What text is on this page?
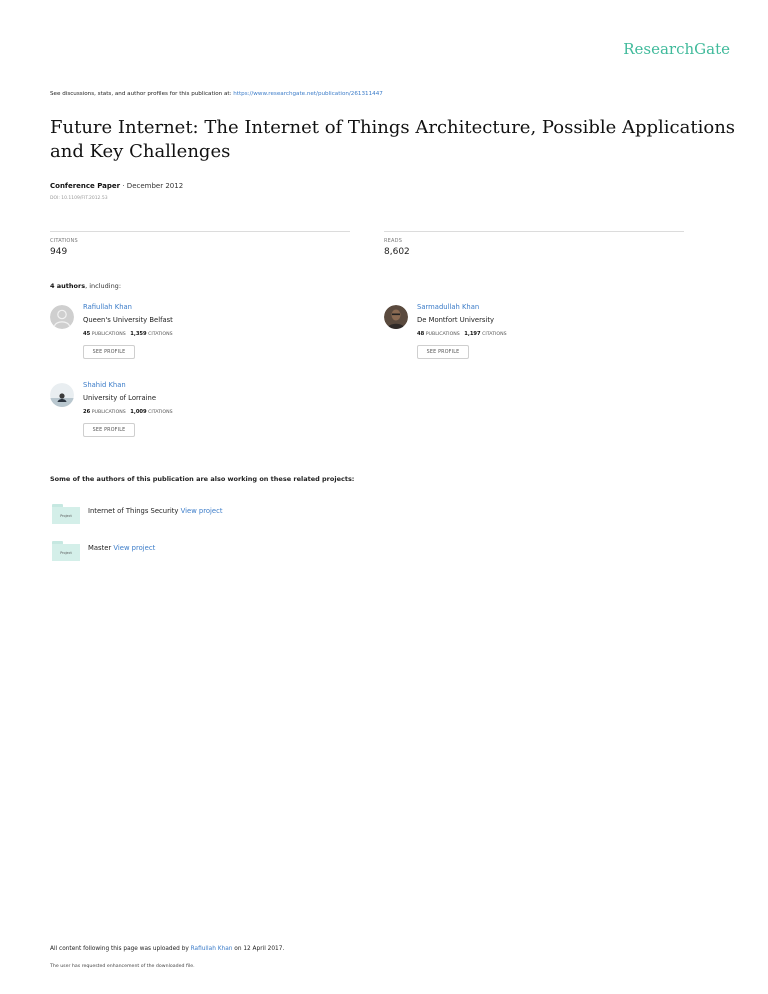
ResearchGate
See discussions, stats, and author profiles for this publication at: https://www.researchgate.net/publication/261311447
Future Internet: The Internet of Things Architecture, Possible Applications and Key Challenges
Conference Paper · December 2012
DOI: 10.1109/FIT.2012.53
CITATIONS
949
READS
8,602
4 authors, including:
Rafiullah Khan
Queen's University Belfast
45 PUBLICATIONS 1,359 CITATIONS
SEE PROFILE
Sarmadullah Khan
De Montfort University
48 PUBLICATIONS 1,197 CITATIONS
SEE PROFILE
Shahid Khan
University of Lorraine
26 PUBLICATIONS 1,009 CITATIONS
SEE PROFILE
Some of the authors of this publication are also working on these related projects:
Project
Internet of Things Security View project
Project
Master View project
All content following this page was uploaded by Rafiullah Khan on 12 April 2017.
The user has requested enhancement of the downloaded file.
